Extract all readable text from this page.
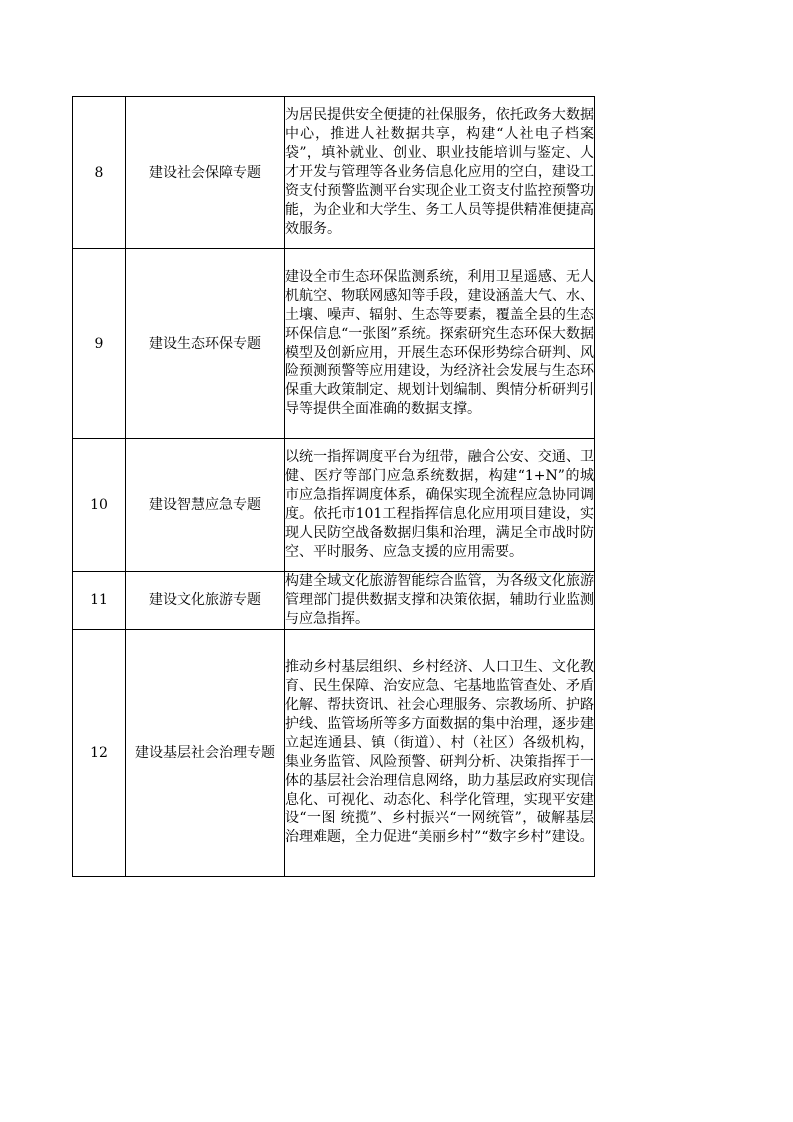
8	建设社会保障专题	为居民提供安全便捷的社保服务，依托政务大数据中心，推进人社数据共享，构建“人社电子档案袋”，填补就业、创业、职业技能培训与鉴定、人才开发与管理等各业务信息化应用的空白，建设工资支付预警监测平台实现企业工资支付监控预警功能，为企业和大学生、务工人员等提供精准便捷高效服务。
9	建设生态环保专题	建设全市生态环保监测系统，利用卫星遥感、无人机航空、物联网感知等手段，建设涵盖大气、水、土壤、噪声、辐射、生态等要素，覆盖全县的生态环保信息“一张图”系统。探索研究生态环保大数据模型及创新应用，开展生态环保形势综合研判、风险预测预警等应用建设，为经济社会发展与生态环保重大政策制定、规划计划编制、舆情分析研判引导等提供全面准确的数据支撑。
10	建设智慧应急专题	以统一指挥调度平台为纽带，融合公安、交通、卫健、医疗等部门应急系统数据，构建“1+N”的城市应急指挥调度体系，确保实现全流程应急协同调度。依托市101工程指挥信息化应用项目建设，实现人民防空战备数据归集和治理，满足全市战时防空、平时服务、应急支援的应用需要。
11	建设文化旅游专题	构建全域文化旅游智能综合监管，为各级文化旅游管理部门提供数据支撑和决策依据，辅助行业监测与应急指挥。
12	建设基层社会治理专题	推动乡村基层组织、乡村经济、人口卫生、文化教育、民生保障、治安应急、宅基地监管查处、矛盾化解、帮扶资讯、社会心理服务、宗教场所、护路护线、监管场所等多方面数据的集中治理，逐步建立起连通县、镇（街道）、村（社区）各级机构，集业务监管、风险预警、研判分析、决策指挥于一体的基层社会治理信息网络，助力基层政府实现信息化、可视化、动态化、科学化管理，实现平安建设“一图 统揽”、乡村振兴“一网统管”，破解基层治理难题，全力促进“美丽乡村”“数字乡村”建设。
